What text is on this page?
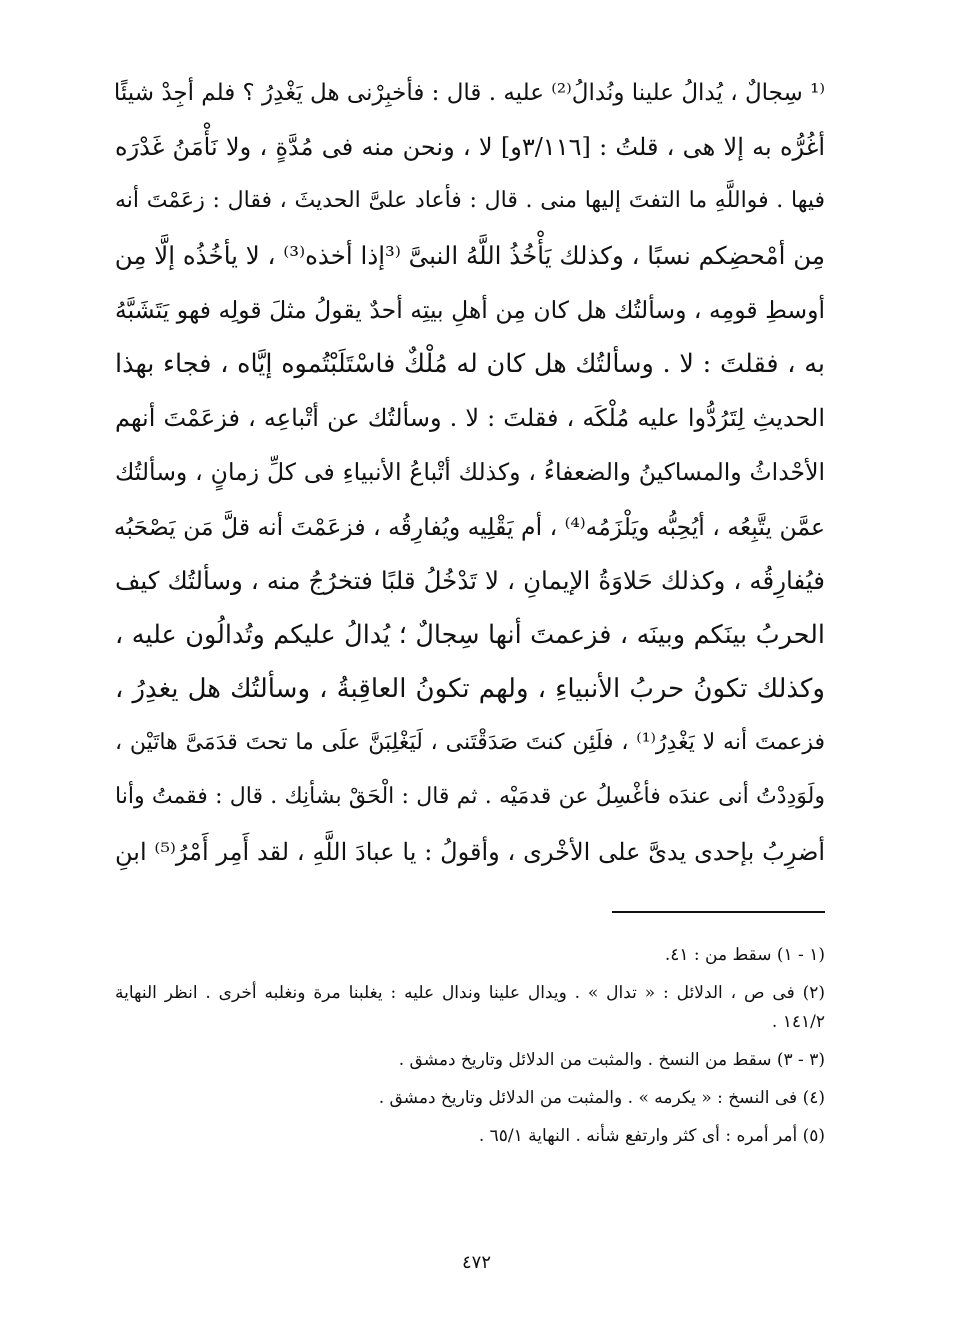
⁽¹ سِجالٌ ، يُدالُ علينا ونُدالُ⁽²⁾ عليه . قال : فأخبِرْنى هل يَغْدِرُ ؟ فلم أجِدْ شيئًا
أغُرُّه به إلا هى ، قلتُ : [٣/١١٦و] لا ، ونحن منه فى مُدَّةٍ ، ولا نَأْمَنُ غَدْرَه
فيها . فواللَّهِ ما التفتَ إليها منى . قال : فأعاد علىَّ الحديثَ ، فقال : زعَمْتَ أنه
مِن أمْحضِكم نسبًا ، وكذلك يَأْخُذُ اللَّهُ النبىَّ ⁽³إذا أخذه⁽³⁾ ، لا يأخُذُه إلَّا مِن
أوسطِ قومِه ، وسألتُك هل كان مِن أهلِ بيتِه أحدٌ يقولُ مثلَ قولِه فهو يَتَشَبَّهُ
به ، فقلتَ : لا . وسألتُك هل كان له مُلْكٌ فاسْتَلَبْتُموه إيَّاه ، فجاء بهذا
الحديثِ لِتَرُدُّوا عليه مُلْكَه ، فقلتَ : لا . وسألتُك عن أتْباعِه ، فزعَمْتَ أنهم
الأحْداثُ والمساكينُ والضعفاءُ ، وكذلك أتْباعُ الأنبياءِ فى كلِّ زمانٍ ، وسألتُك
عمَّن يتَّبِعُه ، أيُحِبُّه ويَلْزَمُه⁽⁴⁾ ، أم يَقْلِيه ويُفارِقُه ، فزعَمْتَ أنه قلَّ مَن يَصْحَبُه
فيُفارِقُه ، وكذلك حَلاوَةُ الإيمانِ ، لا تَدْخُلُ قلبًا فتخرُجُ منه ، وسألتُك كيف
الحربُ بينَكم وبينَه ، فزعمتَ أنها سِجالٌ ؛ يُدالُ عليكم وتُدالُون عليه ،
وكذلك تكونُ حربُ الأنبياءِ ، ولهم تكونُ العاقِبةُ ، وسألتُك هل يغدِرُ ،
فزعمتَ أنه لا يَغْدِرُ⁽¹⁾ ، فلَئِن كنتَ صَدَقْتَنى ، لَيَغْلِبَنَّ علَى ما تحتَ قدَمَىَّ هاتَيْن ،
ولَوَدِدْتُ أنى عندَه فأغْسِلُ عن قدمَيْه . ثم قال : الْحَقْ بشأنِك . قال : فقمتُ وأنا
أضرِبُ بإحدى يدىَّ على الأخْرى ، وأقولُ : يا عبادَ اللَّهِ ، لقد أَمِر أَمْرُ⁽⁵⁾ ابنِ
(١ - ١) سقط من : ٤١.
(٢) فى ص ، الدلائل : « تدال » . ويدال علينا وندال عليه : يغلبنا مرة ونغلبه أخرى . انظر النهاية
١٤١/٢ .
(٣ - ٣) سقط من النسخ . والمثبت من الدلائل وتاريخ دمشق .
(٤) فى النسخ : « يكرمه » . والمثبت من الدلائل وتاريخ دمشق .
(٥) أمر أمره : أى كثر وارتفع شأنه . النهاية ٦٥/١ .
٤٧٢
